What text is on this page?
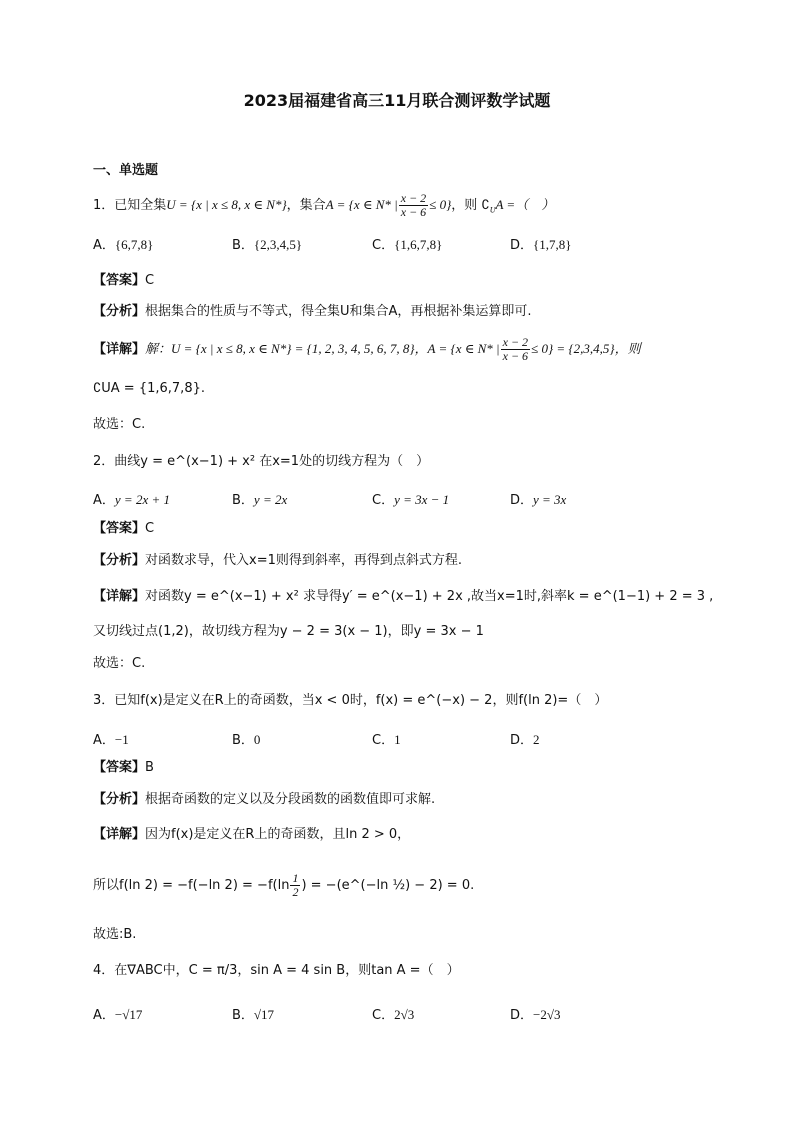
2023届福建省高三11月联合测评数学试题
一、单选题
1．已知全集U = {x | x ≤ 8, x ∈ N*}，集合A = {x ∈ N* | $\frac{x - 2}{x - 6} \le 0$}，则 $∁_UA$ =（　）
A．{6,7,8}	B．{2,3,4,5}	C．{1,6,7,8}	D．{1,7,8}
【答案】C
【分析】根据集合的性质与不等式，得全集U和集合A，再根据补集运算即可.
【详解】解：U = {x | x ≤ 8, x ∈ N*} = {1, 2, 3, 4, 5, 6, 7, 8}，A = {x ∈ N* | $\frac{x - 2}{x - 6} \le 0\} = \{2,3,4,5\}$，则
∁UA = {1,6,7,8}.
故选：C.
2．曲线y = e^(x−1) + x² 在x=1处的切线方程为（　）
A．y = 2x + 1	B．y = 2x	C．y = 3x − 1	D．y = 3x
【答案】C
【分析】对函数求导，代入x=1则得到斜率，再得到点斜式方程.
【详解】对函数y = e^(x−1) + x² 求导得y′ = e^(x−1) + 2x ,故当x=1时,斜率k = e^(1−1) + 2 = 3 ,
又切线过点(1,2)，故切线方程为y − 2 = 3(x − 1)，即y = 3x − 1
故选：C.
3．已知f(x)是定义在R上的奇函数，当x < 0时，f(x) = e^(−x) − 2，则f(ln 2)=（　）
A．−1	B．0	C．1	D．2
【答案】B
【分析】根据奇函数的定义以及分段函数的函数值即可求解.
【详解】因为f(x)是定义在R上的奇函数，且ln 2 > 0，
所以f(ln 2) = −f(−ln $2) = -f(\ln \frac{1}{2}$ ) = −(e^(−ln ½) − 2) = 0.
故选:B.
4．在∇ABC中，C = π/3，sin A = 4 sin B，则tan A =（　）
A．−√17	B．√17	C．2√3	D．−2√3
